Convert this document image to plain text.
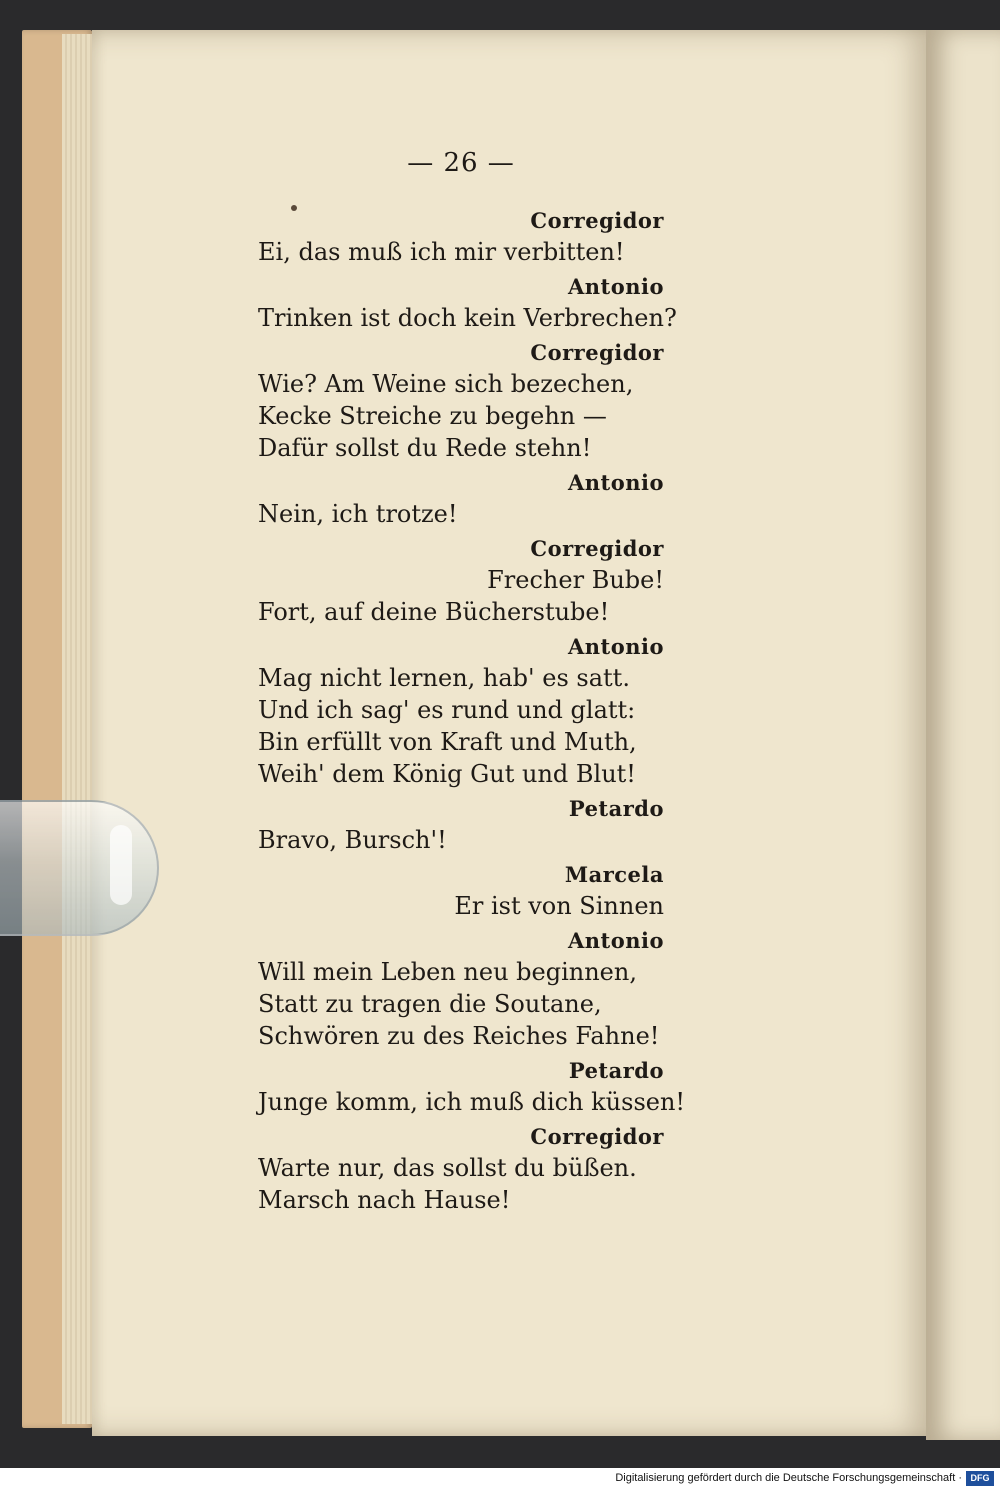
— 26 —
Corregidor
Ei, das muß ich mir verbitten!
Antonio
Trinken ist doch kein Verbrechen?
Corregidor
Wie? Am Weine sich bezechen,
Kecke Streiche zu begehn —
Dafür sollst du Rede stehn!
Antonio
Nein, ich trotze!
Corregidor
Frecher Bube!
Fort, auf deine Bücherstube!
Antonio
Mag nicht lernen, hab' es satt.
Und ich sag' es rund und glatt:
Bin erfüllt von Kraft und Muth,
Weih' dem König Gut und Blut!
Petardo
Bravo, Bursch'!
Marcela
Er ist von Sinnen
Antonio
Will mein Leben neu beginnen,
Statt zu tragen die Soutane,
Schwören zu des Reiches Fahne!
Petardo
Junge komm, ich muß dich küssen!
Corregidor
Warte nur, das sollst du büßen.
Marsch nach Hause!
Digitalisierung gefördert durch die Deutsche Forschungsgemeinschaft · DFG
